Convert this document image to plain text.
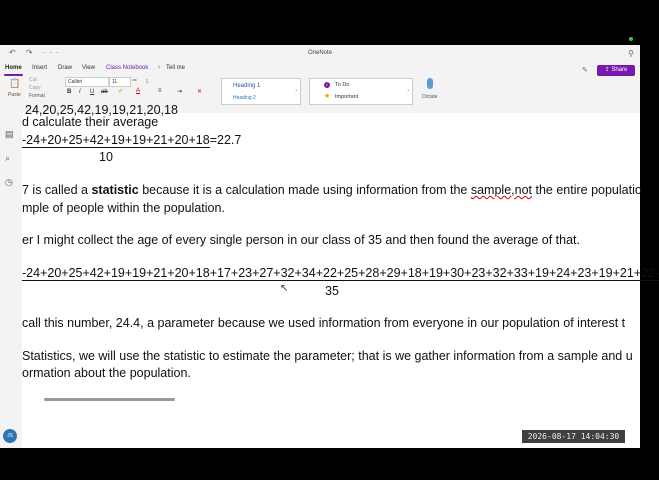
↶ ↷ ···	OneNote	⚲
Home Insert Draw View Class Notebook ♀ Tell me	✎	⇪ Share
📋
Paste
Cut
Copy
Format
Calibri	11	≔ ⒈
B I U ab ✐ A	≡	⇥ ✕
Heading 1
Heading 2
›
✓ To Do
★ Important
›
Dictate
▤
⌕
◷
JS
24,20,25,42,19,19,21,20,18
d calculate their average
-24+20+25+42+19+19+21+20+18=22.7
10
7 is called a statistic because it is a calculation made using information from the sample,not the entire populatio
mple of people within the population.
er I might collect the age of every single person in our class of 35 and then found the average of that.
-24+20+25+42+19+19+21+20+18+17+23+27+32+34+22+25+28+29+18+19+30+23+32+33+19+24+23+19+21+22-
35
call this number, 24.4, a parameter because we used information from everyone in our population of interest t
Statistics, we will use the statistic to estimate the parameter; that is we gather information from a sample and u
ormation about the population.
↖
2026-08-17 14:04:30
